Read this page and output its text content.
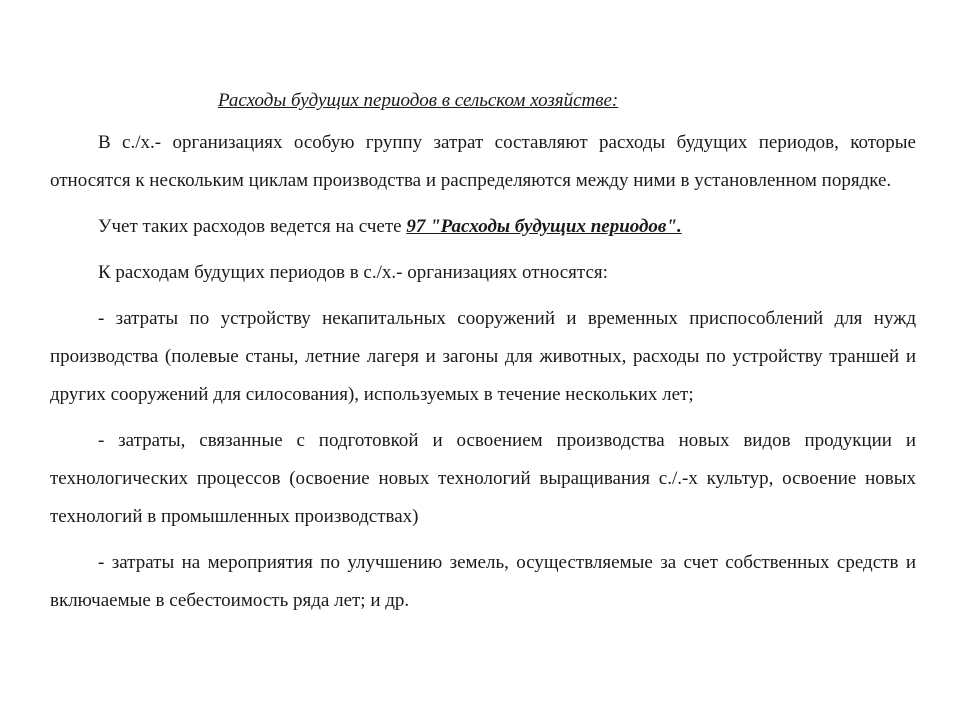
Расходы будущих периодов в сельском хозяйстве:

В с./х.- организациях особую группу затрат составляют расходы будущих периодов, которые относятся к нескольким циклам производства и распределяются между ними в установленном порядке.

Учет таких расходов ведется на счете 97 "Расходы будущих периодов".

К расходам будущих периодов в с./х.- организациях относятся:

- затраты по устройству некапитальных сооружений и временных приспособлений для нужд производства (полевые станы, летние лагеря и загоны для животных, расходы по устройству траншей и других сооружений для силосования), используемых в течение нескольких лет;

- затраты, связанные с подготовкой и освоением производства новых видов продукции и технологических процессов (освоение новых технологий выращивания с./.-х культур, освоение новых технологий в промышленных производствах)

- затраты на мероприятия по улучшению земель, осуществляемые за счет собственных средств и включаемые в себестоимость ряда лет; и др.
